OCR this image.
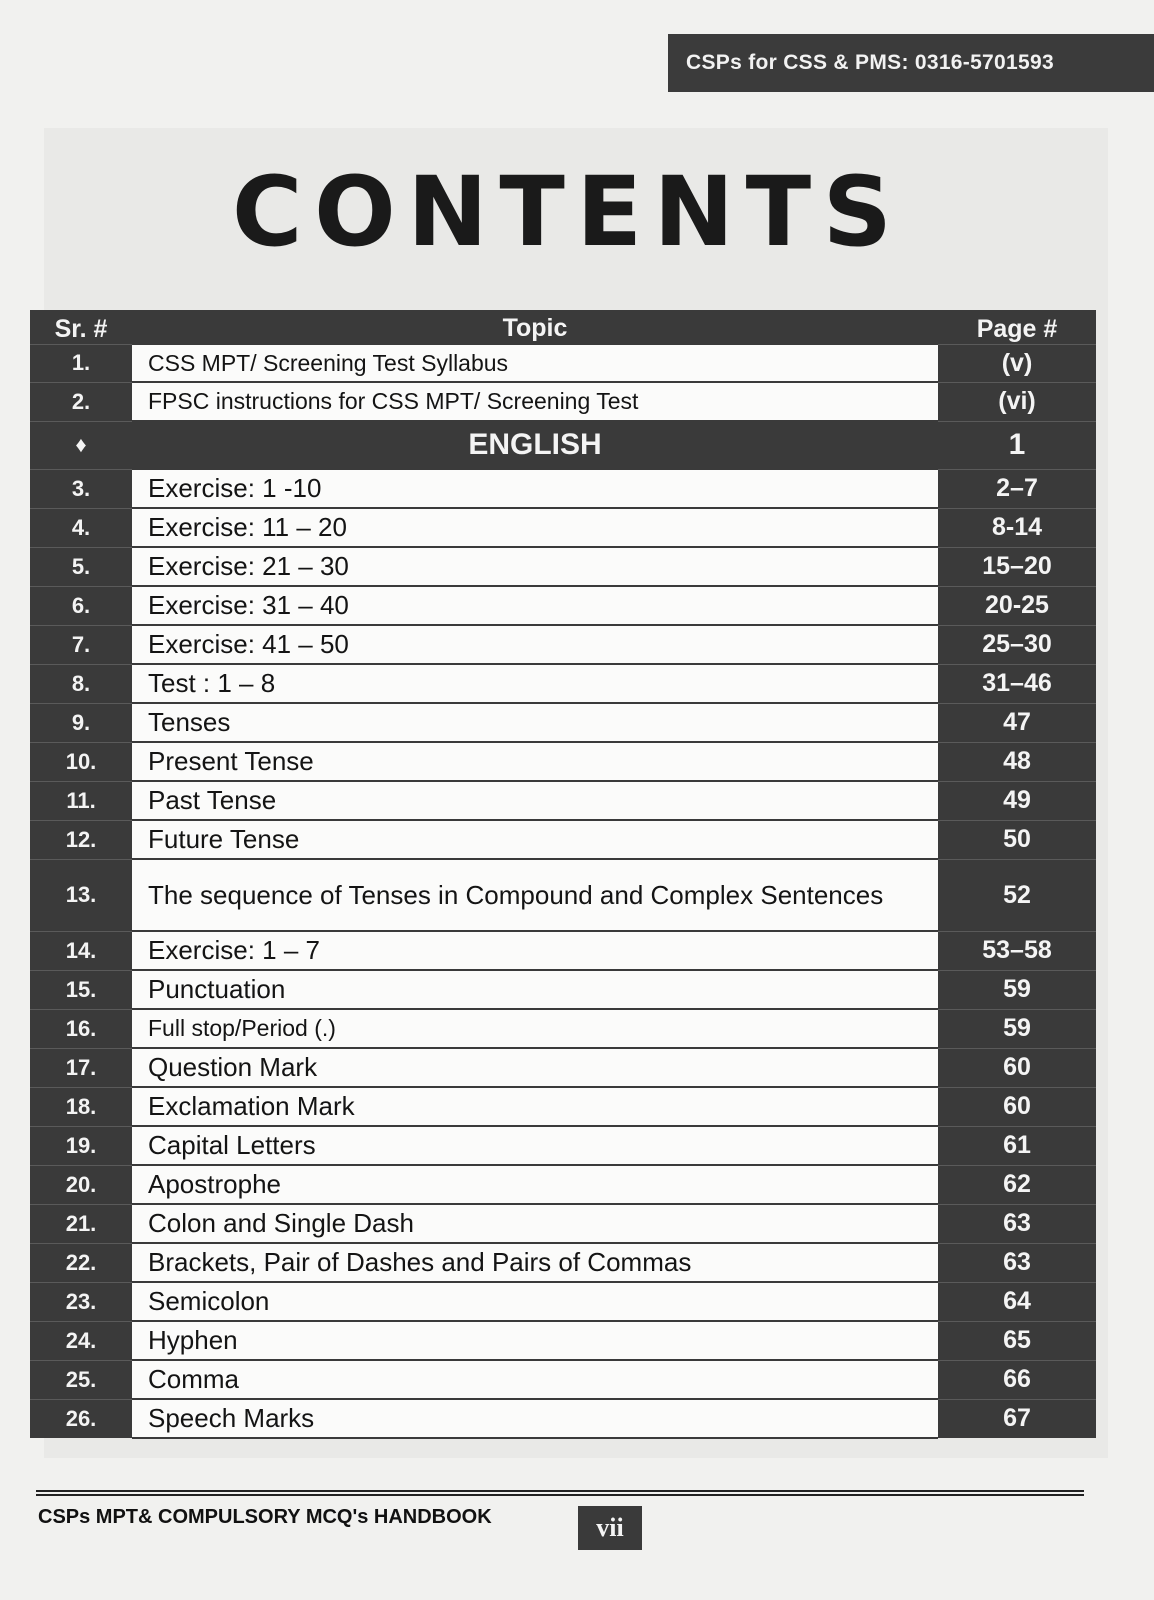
CSPs for CSS & PMS: 0316-5701593
C O N T E N T S
Sr. #	Topic	Page #
1.	CSS MPT/ Screening Test Syllabus	(v)
2.	FPSC instructions for CSS MPT/ Screening Test	(vi)
♦	ENGLISH	1
3.	Exercise: 1 -10	2–7
4.	Exercise: 11 – 20	8-14
5.	Exercise: 21 – 30	15–20
6.	Exercise: 31 – 40	20-25
7.	Exercise: 41 – 50	25–30
8.	Test : 1 – 8	31–46
9.	Tenses	47
10.	Present Tense	48
11.	Past Tense	49
12.	Future Tense	50
13.	The sequence of Tenses in Compound and Complex Sentences	52
14.	Exercise: 1 – 7	53–58
15.	Punctuation	59
16.	Full stop/Period (.)	59
17.	Question Mark	60
18.	Exclamation Mark	60
19.	Capital Letters	61
20.	Apostrophe	62
21.	Colon and Single Dash	63
22.	Brackets, Pair of Dashes and Pairs of Commas	63
23.	Semicolon	64
24.	Hyphen	65
25.	Comma	66
26.	Speech Marks	67
CSPs MPT& COMPULSORY MCQ's HANDBOOK	vii
